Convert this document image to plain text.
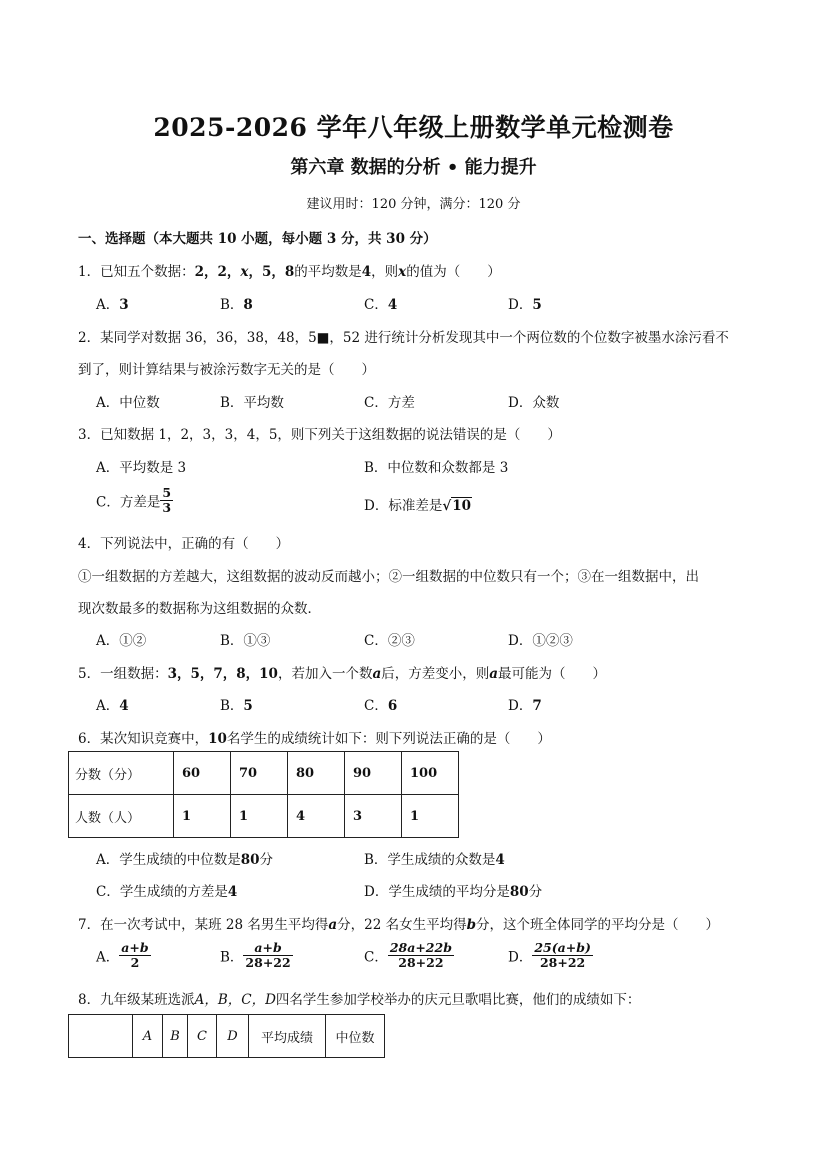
2025-2026 学年八年级上册数学单元检测卷
第六章 数据的分析 • 能力提升
建议用时：120 分钟，满分：120 分
一、选择题（本大题共 10 小题，每小题 3 分，共 30 分）
1．已知五个数据：2，2，x，5，8的平均数是4，则x的值为（　　）
A．3	B．8	C．4	D．5
2．某同学对数据 36，36，38，48，5■，52 进行统计分析发现其中一个两位数的个位数字被墨水涂污看不
到了，则计算结果与被涂污数字无关的是（　　）
A．中位数	B．平均数	C．方差	D．众数
3．已知数据 1，2，3，3，4，5，则下列关于这组数据的说法错误的是（　　）
A．平均数是 3	B．中位数和众数都是 3
C．方差是 $\frac{5}{3}$	D．标准差是√10
4．下列说法中，正确的有（　　）
①一组数据的方差越大，这组数据的波动反而越小；②一组数据的中位数只有一个；③在一组数据中，出
现次数最多的数据称为这组数据的众数．
A．①②	B．①③	C．②③	D．①②③
5．一组数据：3，5，7，8，10，若加入一个数a后，方差变小，则a最可能为（　　）
A．4	B．5	C．6	D．7
6．某次知识竞赛中，10名学生的成绩统计如下：则下列说法正确的是（　　）
分数（分）	60	70	80	90	100
人数（人）	1	1	4	3	1
A．学生成绩的中位数是80分	B．学生成绩的众数是4
C．学生成绩的方差是4	D．学生成绩的平均分是80分
7．在一次考试中，某班 28 名男生平均得a分，22 名女生平均得b分，这个班全体同学的平均分是（　　）
A． $\frac{a+b}{2}$	B． $\frac{a+b}{28+22}$	C． $\frac{28a+22b}{28+22}$	D． $\frac{25(a+b)}{28+22}$
8．九年级某班选派A，B，C，D四名学生参加学校举办的庆元旦歌唱比赛，他们的成绩如下：
	A	B	C	D	平均成绩	中位数
